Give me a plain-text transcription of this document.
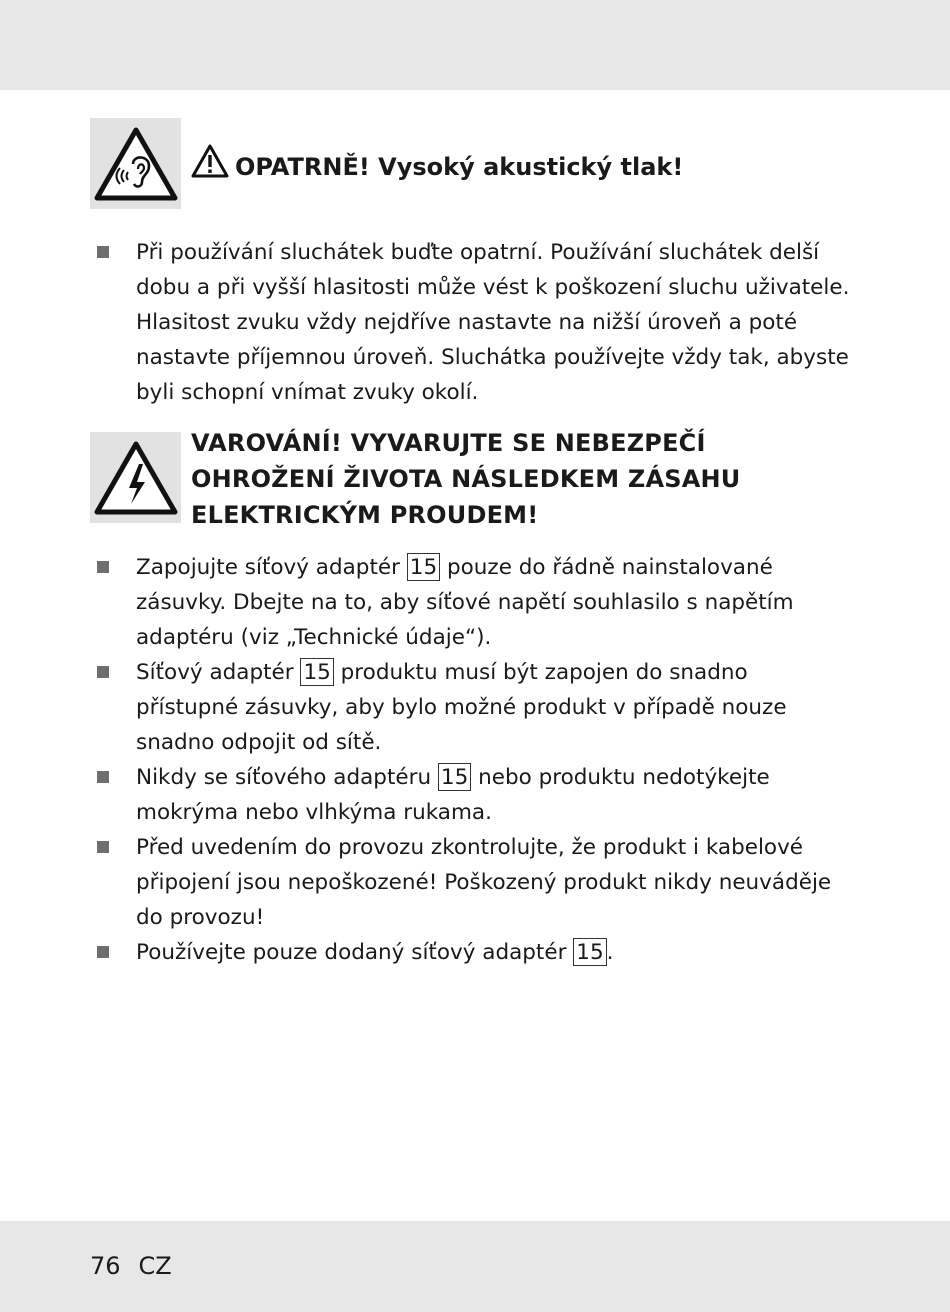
OPATRNĚ! Vysoký akustický tlak!
Při používání sluchátek buďte opatrní. Používání sluchátek delší
dobu a při vyšší hlasitosti může vést k poškození sluchu uživatele.
Hlasitost zvuku vždy nejdříve nastavte na nižší úroveň a poté
nastavte příjemnou úroveň. Sluchátka používejte vždy tak, abyste
byli schopní vnímat zvuky okolí.
VAROVÁNÍ! VYVARUJTE SE NEBEZPEČÍ
OHROŽENÍ ŽIVOTA NÁSLEDKEM ZÁSAHU
ELEKTRICKÝM PROUDEM!
Zapojujte síťový adaptér 15 pouze do řádně nainstalované
zásuvky. Dbejte na to, aby síťové napětí souhlasilo s napětím
adaptéru (viz „Technické údaje“).
Síťový adaptér 15 produktu musí být zapojen do snadno
přístupné zásuvky, aby bylo možné produkt v případě nouze
snadno odpojit od sítě.
Nikdy se síťového adaptéru 15 nebo produktu nedotýkejte
mokrýma nebo vlhkýma rukama.
Před uvedením do provozu zkontrolujte, že produkt i kabelové
připojení jsou nepoškozené! Poškozený produkt nikdy neuváděje
do provozu!
Používejte pouze dodaný síťový adaptér 15 .
76 CZ
